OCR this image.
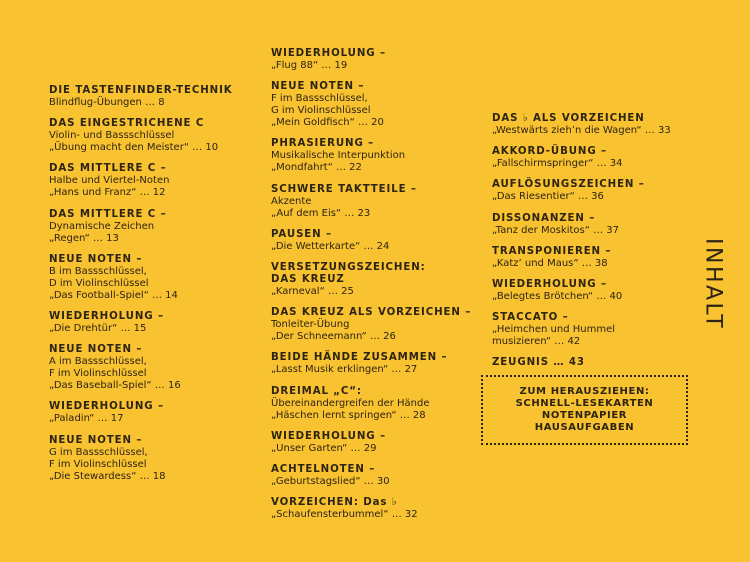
DIE TASTENFINDER-TECHNIK
Blindflug-Übungen … 8
DAS EINGESTRICHENE C
Violin- und Bassschlüssel
„Übung macht den Meister“ … 10
DAS MITTLERE C –
Halbe und Viertel-Noten
„Hans und Franz“ … 12
DAS MITTLERE C –
Dynamische Zeichen
„Regen“ … 13
NEUE NOTEN –
B im Bassschlüssel,
D im Violinschlüssel
„Das Football-Spiel“ … 14
WIEDERHOLUNG –
„Die Drehtür“ … 15
NEUE NOTEN –
A im Bassschlüssel,
F im Violinschlüssel
„Das Baseball-Spiel“ … 16
WIEDERHOLUNG –
„Paladin“ … 17
NEUE NOTEN –
G im Bassschlüssel,
F im Violinschlüssel
„Die Stewardess“ … 18
WIEDERHOLUNG –
„Flug 88“ … 19
NEUE NOTEN –
F im Bassschlüssel,
G im Violinschlüssel
„Mein Goldfisch“ … 20
PHRASIERUNG –
Musikalische Interpunktion
„Mondfahrt“ … 22
SCHWERE TAKTTEILE –
Akzente
„Auf dem Eis“ … 23
PAUSEN –
„Die Wetterkarte“ … 24
VERSETZUNGSZEICHEN:
DAS KREUZ
„Karneval“ … 25
DAS KREUZ ALS VORZEICHEN –
Tonleiter-Übung
„Der Schneemann“ … 26
BEIDE HÄNDE ZUSAMMEN –
„Lasst Musik erklingen“ … 27
DREIMAL „C“:
Übereinandergreifen der Hände
„Häschen lernt springen“ … 28
WIEDERHOLUNG –
„Unser Garten“ … 29
ACHTELNOTEN –
„Geburtstagslied“ … 30
VORZEICHEN: Das ♭
„Schaufensterbummel“ … 32
DAS ♭ ALS VORZEICHEN
„Westwärts zieh’n die Wagen“ … 33
AKKORD-ÜBUNG –
„Fallschirmspringer“ … 34
AUFLÖSUNGSZEICHEN –
„Das Riesentier“ … 36
DISSONANZEN –
„Tanz der Moskitos“ … 37
TRANSPONIEREN –
„Katz’ und Maus“ … 38
WIEDERHOLUNG –
„Belegtes Brötchen“ … 40
STACCATO –
„Heimchen und Hummel
musizieren“ … 42
ZEUGNIS … 43
ZUM HERAUSZIEHEN:
SCHNELL-LESEKARTEN
NOTENPAPIER
HAUSAUFGABEN
INHALT
